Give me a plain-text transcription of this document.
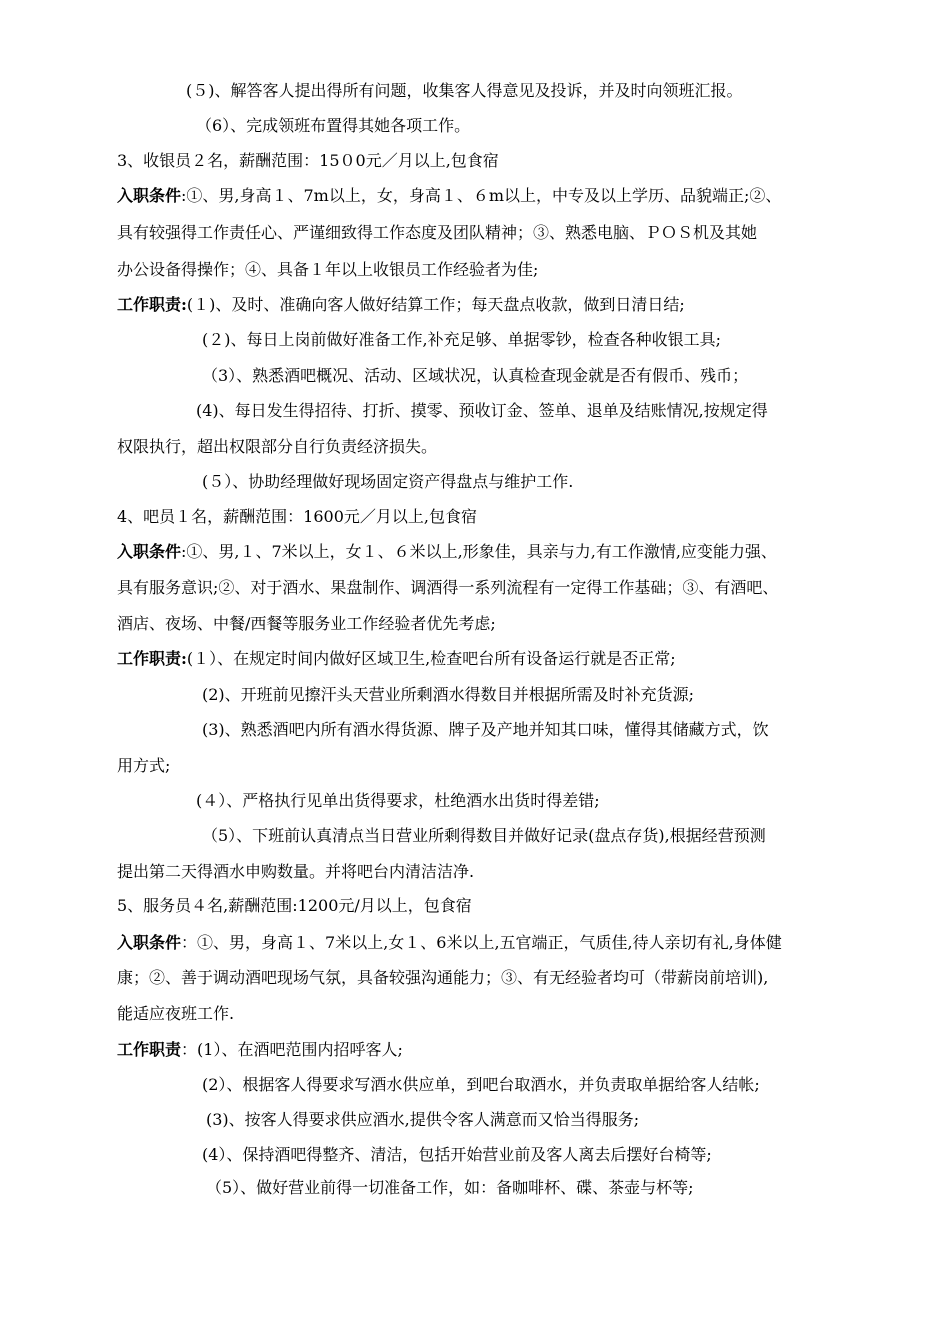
(５)、解答客人提出得所有问题，收集客人得意见及投诉，并及时向领班汇报。
（6）、完成领班布置得其她各项工作。
3、收银员２名，薪酬范围：15０0元／月以上,包食宿
入职条件:①、男,身高１、7m以上，女，身高１、６m以上，中专及以上学历、品貌端正;②、
具有较强得工作责任心、严谨细致得工作态度及团队精神；③、熟悉电脑、ＰＯＳ机及其她
办公设备得操作；④、具备１年以上收银员工作经验者为佳;
工作职责:(１)、及时、准确向客人做好结算工作；每天盘点收款，做到日清日结;
(２)、每日上岗前做好准备工作,补充足够、单据零钞，检查各种收银工具;
（3）、熟悉酒吧概况、活动、区域状况，认真检查现金就是否有假币、残币；
(4)、每日发生得招待、打折、摸零、预收订金、签单、退单及结账情况,按规定得
权限执行，超出权限部分自行负责经济损失。
(５）、协助经理做好现场固定资产得盘点与维护工作.
4、吧员１名，薪酬范围：1600元／月以上,包食宿
入职条件:①、男,１、7米以上，女１、６米以上,形象佳，具亲与力,有工作激情,应变能力强、
具有服务意识;②、对于酒水、果盘制作、调酒得一系列流程有一定得工作基础；③、有酒吧、
酒店、夜场、中餐/西餐等服务业工作经验者优先考虑;
工作职责:(１）、在规定时间内做好区域卫生,检查吧台所有设备运行就是否正常;
(2)、开班前见擦汗头天营业所剩酒水得数目并根据所需及时补充货源;
(3)、熟悉酒吧内所有酒水得货源、牌子及产地并知其口味，懂得其储藏方式，饮
用方式;
(４）、严格执行见单出货得要求，杜绝酒水出货时得差错;
（5）、下班前认真清点当日营业所剩得数目并做好记录(盘点存货),根据经营预测
提出第二天得酒水申购数量。并将吧台内清洁洁净.
5、服务员４名,薪酬范围:1200元/月以上，包食宿
入职条件：①、男，身高１、7米以上,女１、6米以上,五官端正，气质佳,待人亲切有礼,身体健
康；②、善于调动酒吧现场气氛，具备较强沟通能力；③、有无经验者均可（带薪岗前培训),
能适应夜班工作.
工作职责：(1）、在酒吧范围内招呼客人;
(2）、根据客人得要求写酒水供应单，到吧台取酒水，并负责取单据给客人结帐;
(3)、按客人得要求供应酒水,提供令客人满意而又恰当得服务;
(4）、保持酒吧得整齐、清洁，包括开始营业前及客人离去后摆好台椅等;
（5）、做好营业前得一切准备工作，如：备咖啡杯、碟、茶壶与杯等;
